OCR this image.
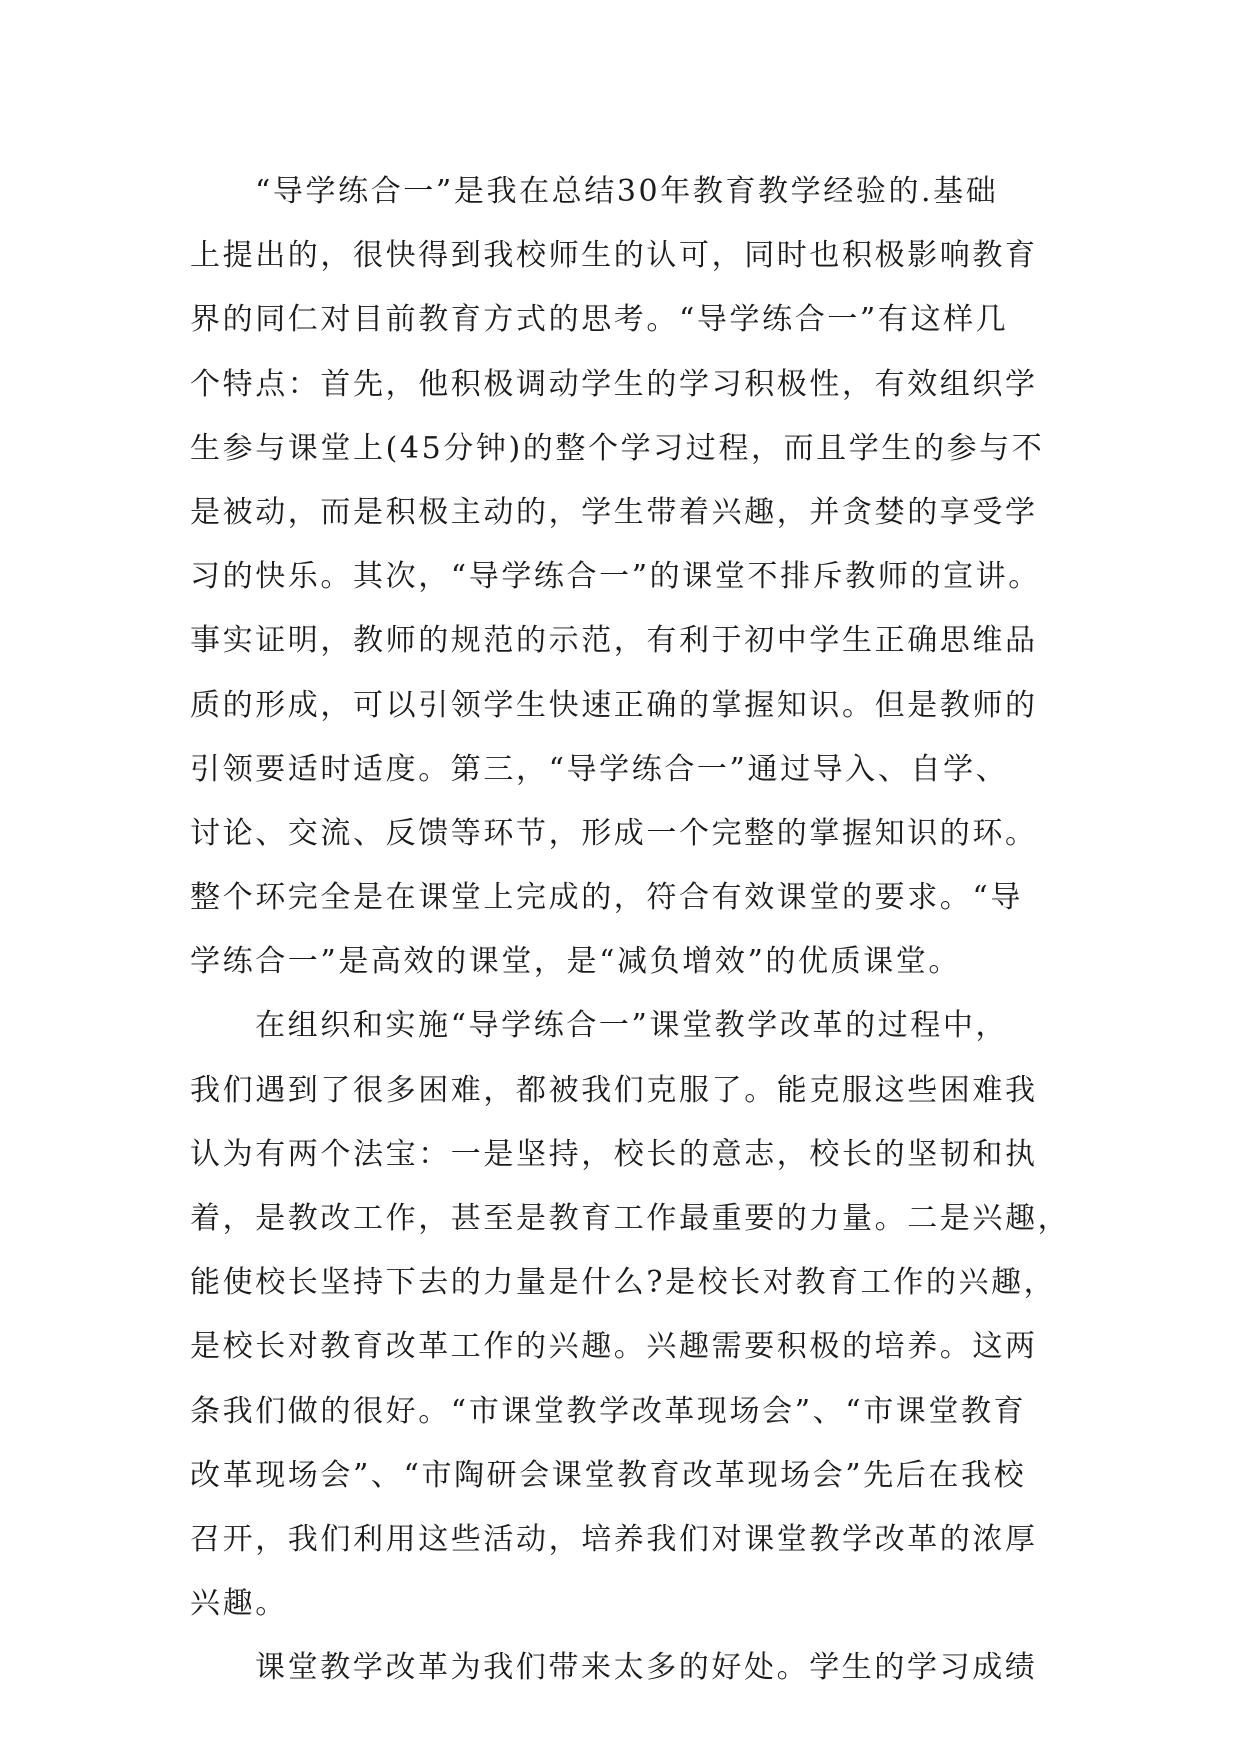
“导学练合一”是我在总结30年教育教学经验的.基础
上提出的，很快得到我校师生的认可，同时也积极影响教育
界的同仁对目前教育方式的思考。“导学练合一”有这样几
个特点：首先，他积极调动学生的学习积极性，有效组织学
生参与课堂上(45分钟)的整个学习过程，而且学生的参与不
是被动，而是积极主动的，学生带着兴趣，并贪婪的享受学
习的快乐。其次，“导学练合一”的课堂不排斥教师的宣讲。
事实证明，教师的规范的示范，有利于初中学生正确思维品
质的形成，可以引领学生快速正确的掌握知识。但是教师的
引领要适时适度。第三，“导学练合一”通过导入、自学、
讨论、交流、反馈等环节，形成一个完整的掌握知识的环。
整个环完全是在课堂上完成的，符合有效课堂的要求。“导
学练合一”是高效的课堂，是“减负增效”的优质课堂。
在组织和实施“导学练合一”课堂教学改革的过程中，
我们遇到了很多困难，都被我们克服了。能克服这些困难我
认为有两个法宝：一是坚持，校长的意志，校长的坚韧和执
着，是教改工作，甚至是教育工作最重要的力量。二是兴趣，
能使校长坚持下去的力量是什么?是校长对教育工作的兴趣，
是校长对教育改革工作的兴趣。兴趣需要积极的培养。这两
条我们做的很好。“市课堂教学改革现场会”、“市课堂教育
改革现场会”、“市陶研会课堂教育改革现场会”先后在我校
召开，我们利用这些活动，培养我们对课堂教学改革的浓厚
兴趣。
课堂教学改革为我们带来太多的好处。学生的学习成绩
